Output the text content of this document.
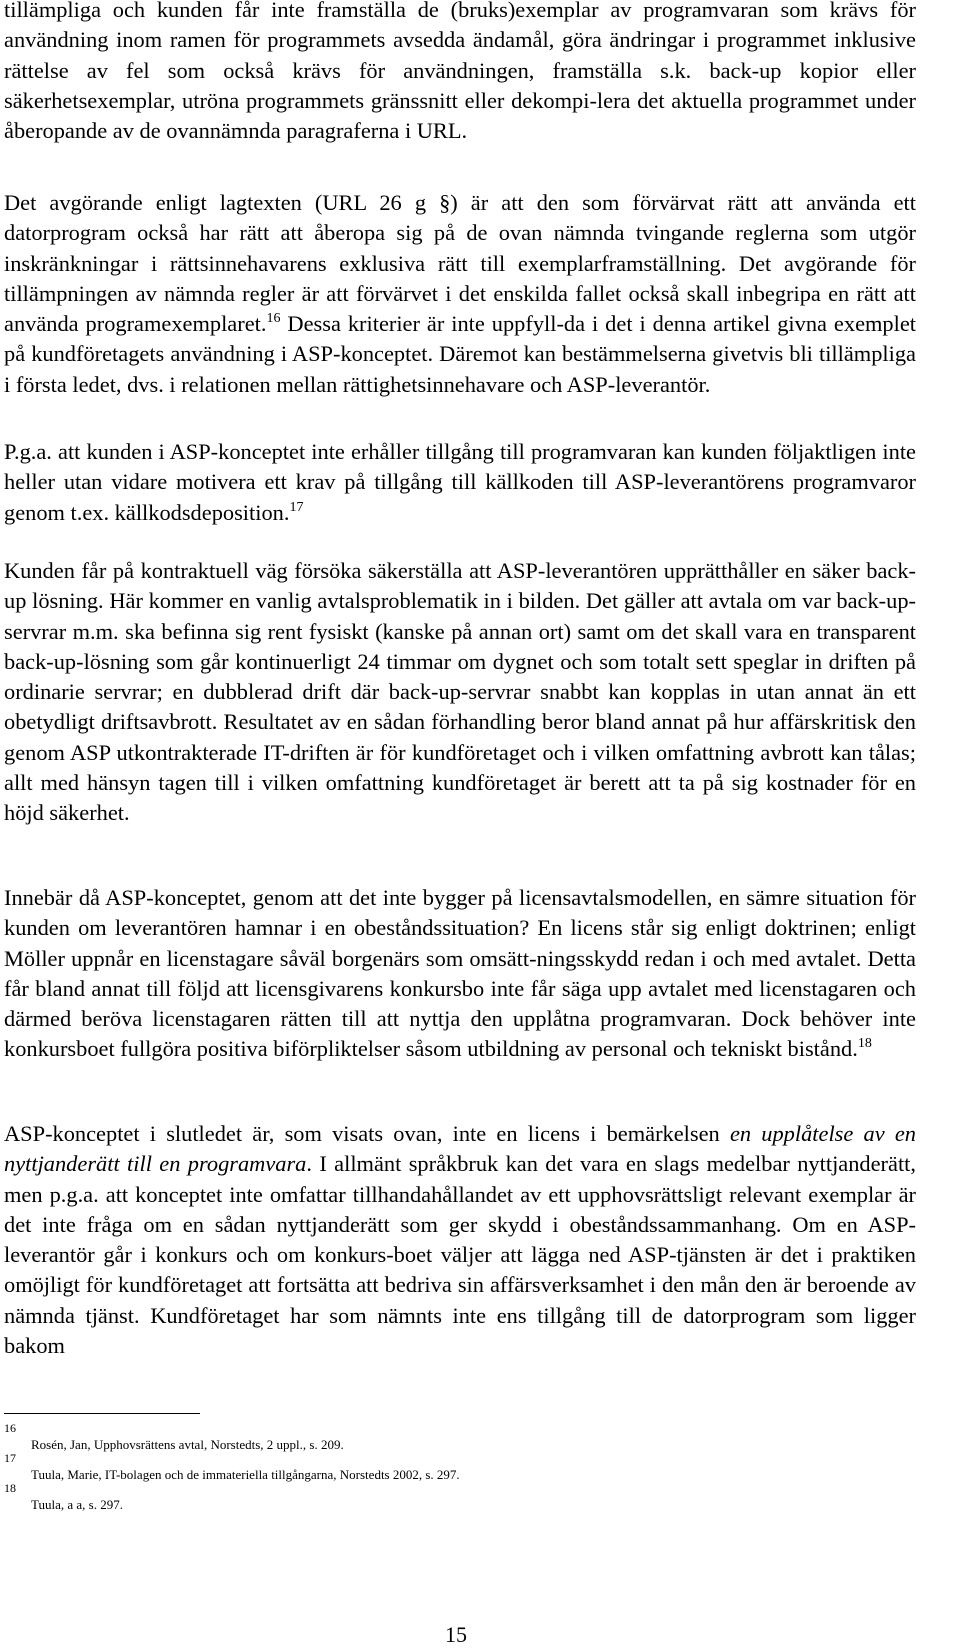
tillämpliga och kunden får inte framställa de (bruks)exemplar av programvaran som krävs för användning inom ramen för programmets avsedda ändamål, göra ändringar i programmet inklusive rättelse av fel som också krävs för användningen, framställa s.k. back-up kopior eller säkerhetsexemplar, utröna programmets gränssnitt eller dekompi-lera det aktuella programmet under åberopande av de ovannämnda paragraferna i URL.

Det avgörande enligt lagtexten (URL 26 g §) är att den som förvärvat rätt att använda ett datorprogram också har rätt att åberopa sig på de ovan nämnda tvingande reglerna som utgör inskränkningar i rättsinnehavarens exklusiva rätt till exemplarframställning. Det avgörande för tillämpningen av nämnda regler är att förvärvet i det enskilda fallet också skall inbegripa en rätt att använda programexemplaret.$^{16}$ Dessa kriterier är inte uppfyll-da i det i denna artikel givna exemplet på kundföretagets användning i ASP-konceptet. Däremot kan bestämmelserna givetvis bli tillämpliga i första ledet, dvs. i relationen mellan rättighetsinnehavare och ASP-leverantör.

P.g.a. att kunden i ASP-konceptet inte erhåller tillgång till programvaran kan kunden följaktligen inte heller utan vidare motivera ett krav på tillgång till källkoden till ASP-leverantörens programvaror genom t.ex. källkodsdeposition.$^{17}$

Kunden får på kontraktuell väg försöka säkerställa att ASP-leverantören upprätthåller en säker back-up lösning. Här kommer en vanlig avtalsproblematik in i bilden. Det gäller att avtala om var back-up-servrar m.m. ska befinna sig rent fysiskt (kanske på annan ort) samt om det skall vara en transparent back-up-lösning som går kontinuerligt 24 timmar om dygnet och som totalt sett speglar in driften på ordinarie servrar; en dubblerad drift där back-up-servrar snabbt kan kopplas in utan annat än ett obetydligt driftsavbrott. Resultatet av en sådan förhandling beror bland annat på hur affärskritisk den genom ASP utkontrakterade IT-driften är för kundföretaget och i vilken omfattning avbrott kan tålas; allt med hänsyn tagen till i vilken omfattning kundföretaget är berett att ta på sig kostnader för en höjd säkerhet.

Innebär då ASP-konceptet, genom att det inte bygger på licensavtalsmodellen, en sämre situation för kunden om leverantören hamnar i en obeståndssituation? En licens står sig enligt doktrinen; enligt Möller uppnår en licenstagare såväl borgenärs som omsätt-ningsskydd redan i och med avtalet. Detta får bland annat till följd att licensgivarens konkursbo inte får säga upp avtalet med licenstagaren och därmed beröva licenstagaren rätten till att nyttja den upplåtna programvaran. Dock behöver inte konkursboet fullgöra positiva biförpliktelser såsom utbildning av personal och tekniskt bistånd.$^{18}$

ASP-konceptet i slutledet är, som visats ovan, inte en licens i bemärkelsen en upplåtelse av en nyttjanderätt till en programvara. I allmänt språkbruk kan det vara en slags medelbar nyttjanderätt, men p.g.a. att konceptet inte omfattar tillhandahållandet av ett upphovsrättsligt relevant exemplar är det inte fråga om en sådan nyttjanderätt som ger skydd i obeståndssammanhang. Om en ASP-leverantör går i konkurs och om konkurs-boet väljer att lägga ned ASP-tjänsten är det i praktiken omöjligt för kundföretaget att fortsätta att bedriva sin affärsverksamhet i den mån den är beroende av nämnda tjänst. Kundföretaget har som nämnts inte ens tillgång till de datorprogram som ligger bakom

16
Rosén, Jan, Upphovsrättens avtal, Norstedts, 2 uppl., s. 209.
17
Tuula, Marie, IT-bolagen och de immateriella tillgångarna, Norstedts 2002, s. 297.
18
Tuula, a a, s. 297.
15
